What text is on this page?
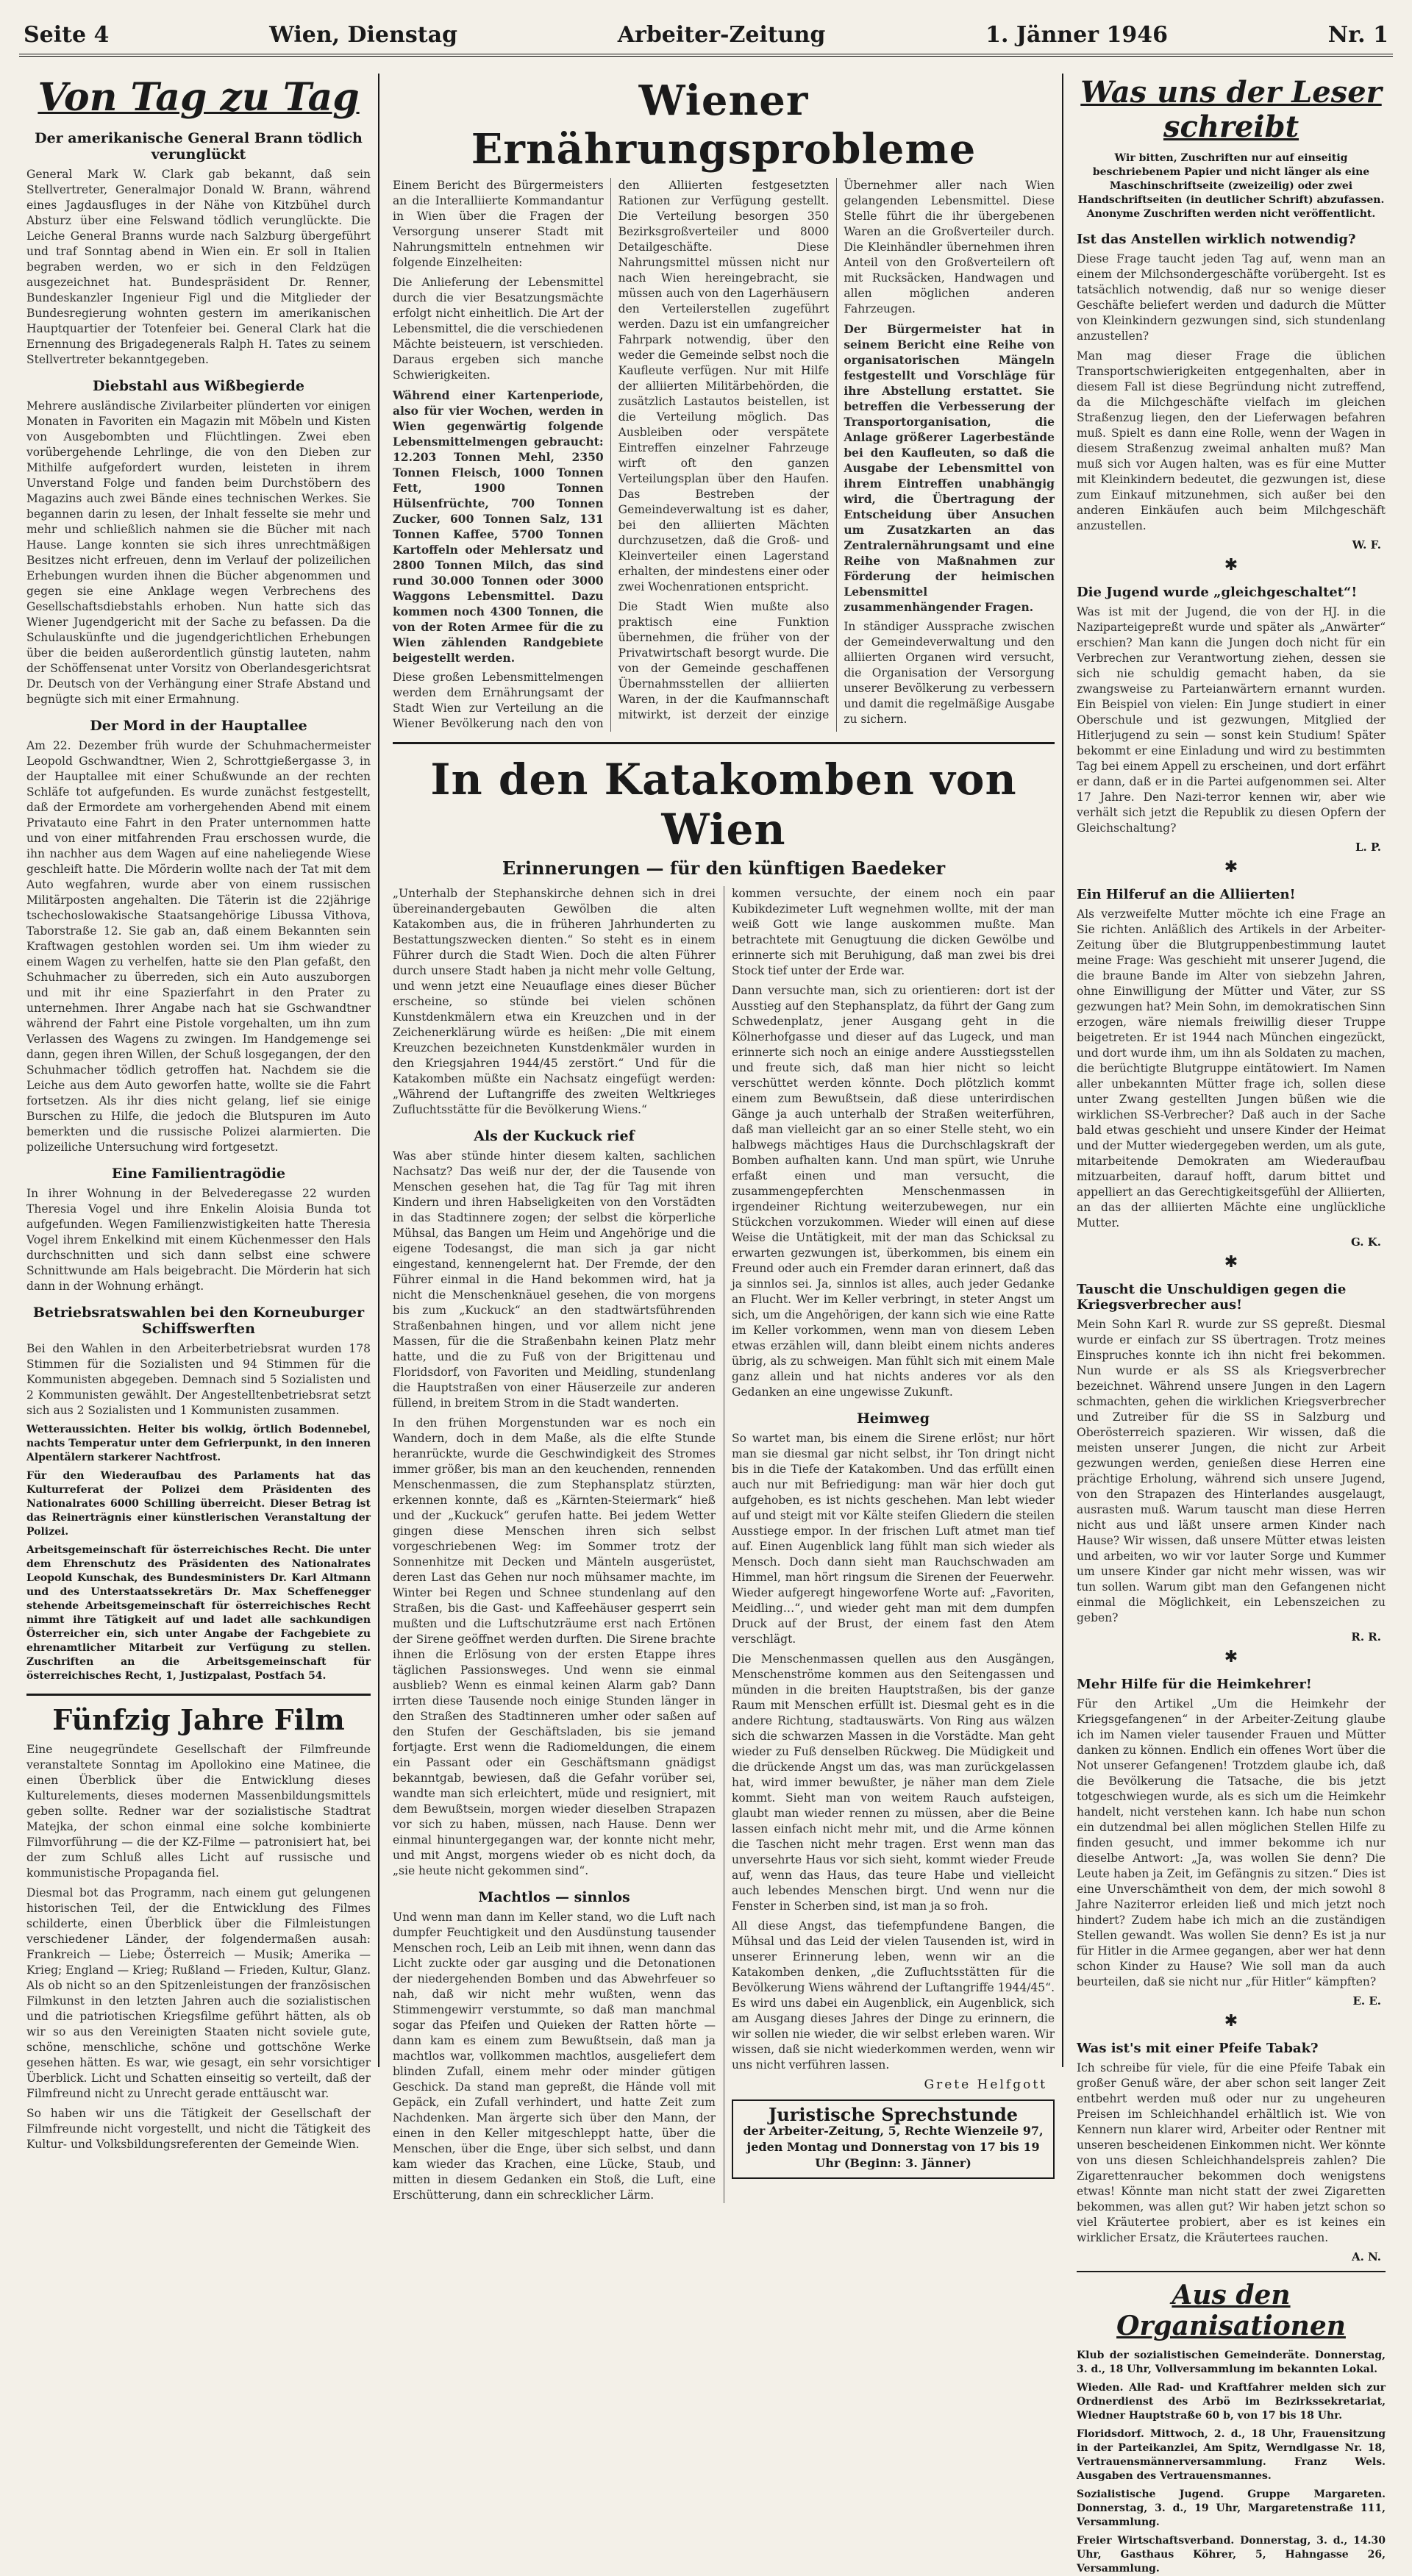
Seite 4	Wien, Dienstag	Arbeiter-Zeitung	1. Jänner 1946	Nr. 1
Von Tag zu Tag
Der amerikanische General Brann tödlich verunglückt

General Mark W. Clark gab bekannt, daß sein Stellvertreter, Generalmajor Donald W. Brann, während eines Jagdausfluges in der Nähe von Kitzbühel durch Absturz über eine Felswand tödlich verunglückte. Die Leiche General Branns wurde nach Salzburg übergeführt und traf Sonntag abend in Wien ein. Er soll in Italien begraben werden, wo er sich in den Feldzügen ausgezeichnet hat. Bundespräsident Dr. Renner, Bundeskanzler Ingenieur Figl und die Mitglieder der Bundesregierung wohnten gestern im amerikanischen Hauptquartier der Totenfeier bei. General Clark hat die Ernennung des Brigadegenerals Ralph H. Tates zu seinem Stellvertreter bekanntgegeben.

Diebstahl aus Wißbegierde

Mehrere ausländische Zivilarbeiter plünderten vor einigen Monaten in Favoriten ein Magazin mit Möbeln und Kisten von Ausgebombten und Flüchtlingen. Zwei eben vorübergehende Lehrlinge, die von den Dieben zur Mithilfe aufgefordert wurden, leisteten in ihrem Unverstand Folge und fanden beim Durchstöbern des Magazins auch zwei Bände eines technischen Werkes. Sie begannen darin zu lesen, der Inhalt fesselte sie mehr und mehr und schließlich nahmen sie die Bücher mit nach Hause. Lange konnten sie sich ihres unrechtmäßigen Besitzes nicht erfreuen, denn im Verlauf der polizeilichen Erhebungen wurden ihnen die Bücher abgenommen und gegen sie eine Anklage wegen Verbrechens des Gesellschaftsdiebstahls erhoben. Nun hatte sich das Wiener Jugendgericht mit der Sache zu befassen. Da die Schulauskünfte und die jugendgerichtlichen Erhebungen über die beiden außerordentlich günstig lauteten, nahm der Schöffensenat unter Vorsitz von Oberlandesgerichtsrat Dr. Deutsch von der Verhängung einer Strafe Abstand und begnügte sich mit einer Ermahnung.

Der Mord in der Hauptallee

Am 22. Dezember früh wurde der Schuhmachermeister Leopold Gschwandtner, Wien 2, Schrottgießergasse 3, in der Hauptallee mit einer Schußwunde an der rechten Schläfe tot aufgefunden. Es wurde zunächst festgestellt, daß der Ermordete am vorhergehenden Abend mit einem Privatauto eine Fahrt in den Prater unternommen hatte und von einer mitfahrenden Frau erschossen wurde, die ihn nachher aus dem Wagen auf eine naheliegende Wiese geschleift hatte. Die Mörderin wollte nach der Tat mit dem Auto wegfahren, wurde aber von einem russischen Militärposten angehalten. Die Täterin ist die 22jährige tschechoslowakische Staatsangehörige Libussa Vithova, Taborstraße 12. Sie gab an, daß einem Bekannten sein Kraftwagen gestohlen worden sei. Um ihm wieder zu einem Wagen zu verhelfen, hatte sie den Plan gefaßt, den Schuhmacher zu überreden, sich ein Auto auszuborgen und mit ihr eine Spazierfahrt in den Prater zu unternehmen. Ihrer Angabe nach hat sie Gschwandtner während der Fahrt eine Pistole vorgehalten, um ihn zum Verlassen des Wagens zu zwingen. Im Handgemenge sei dann, gegen ihren Willen, der Schuß losgegangen, der den Schuhmacher tödlich getroffen hat. Nachdem sie die Leiche aus dem Auto geworfen hatte, wollte sie die Fahrt fortsetzen. Als ihr dies nicht gelang, lief sie einige Burschen zu Hilfe, die jedoch die Blutspuren im Auto bemerkten und die russische Polizei alarmierten. Die polizeiliche Untersuchung wird fortgesetzt.

Eine Familientragödie

In ihrer Wohnung in der Belvederegasse 22 wurden Theresia Vogel und ihre Enkelin Aloisia Bunda tot aufgefunden. Wegen Familienzwistigkeiten hatte Theresia Vogel ihrem Enkelkind mit einem Küchenmesser den Hals durchschnitten und sich dann selbst eine schwere Schnittwunde am Hals beigebracht. Die Mörderin hat sich dann in der Wohnung erhängt.

Betriebsratswahlen bei den Korneuburger Schiffswerften

Bei den Wahlen in den Arbeiterbetriebsrat wurden 178 Stimmen für die Sozialisten und 94 Stimmen für die Kommunisten abgegeben. Demnach sind 5 Sozialisten und 2 Kommunisten gewählt. Der Angestelltenbetriebsrat setzt sich aus 2 Sozialisten und 1 Kommunisten zusammen.

Wetteraussichten. Heiter bis wolkig, örtlich Bodennebel, nachts Temperatur unter dem Gefrierpunkt, in den inneren Alpentälern starkerer Nachtfrost.

Für den Wiederaufbau des Parlaments hat das Kulturreferat der Polizei dem Präsidenten des Nationalrates 6000 Schilling überreicht. Dieser Betrag ist das Reinerträgnis einer künstlerischen Veranstaltung der Polizei.

Arbeitsgemeinschaft für österreichisches Recht. Die unter dem Ehrenschutz des Präsidenten des Nationalrates Leopold Kunschak, des Bundesministers Dr. Karl Altmann und des Unterstaatssekretärs Dr. Max Scheffenegger stehende Arbeitsgemeinschaft für österreichisches Recht nimmt ihre Tätigkeit auf und ladet alle sachkundigen Österreicher ein, sich unter Angabe der Fachgebiete zu ehrenamtlicher Mitarbeit zur Verfügung zu stellen. Zuschriften an die Arbeitsgemeinschaft für österreichisches Recht, 1, Justizpalast, Postfach 54.

Fünfzig Jahre Film

Eine neugegründete Gesellschaft der Filmfreunde veranstaltete Sonntag im Apollokino eine Matinee, die einen Überblick über die Entwicklung dieses Kulturelements, dieses modernen Massenbildungsmittels geben sollte. Redner war der sozialistische Stadtrat Matejka, der schon einmal eine solche kombinierte Filmvorführung — die der KZ-Filme — patronisiert hat, bei der zum Schluß alles Licht auf russische und kommunistische Propaganda fiel.

Diesmal bot das Programm, nach einem gut gelungenen historischen Teil, der die Entwicklung des Filmes schilderte, einen Überblick über die Filmleistungen verschiedener Länder, der folgendermaßen ausah: Frankreich — Liebe; Österreich — Musik; Amerika — Krieg; England — Krieg; Rußland — Frieden, Kultur, Glanz. Als ob nicht so an den Spitzenleistungen der französischen Filmkunst in den letzten Jahren auch die sozialistischen und die patriotischen Kriegsfilme geführt hätten, als ob wir so aus den Vereinigten Staaten nicht soviele gute, schöne, menschliche, schöne und gottschöne Werke gesehen hätten. Es war, wie gesagt, ein sehr vorsichtiger Überblick. Licht und Schatten einseitig so verteilt, daß der Filmfreund nicht zu Unrecht gerade enttäuscht war.

So haben wir uns die Tätigkeit der Gesellschaft der Filmfreunde nicht vorgestellt, und nicht die Tätigkeit des Kultur- und Volksbildungsreferenten der Gemeinde Wien.

Wiener Ernährungsprobleme

Einem Bericht des Bürgermeisters an die Interalliierte Kommandantur in Wien über die Fragen der Versorgung unserer Stadt mit Nahrungsmitteln entnehmen wir folgende Einzelheiten:

Die Anlieferung der Lebensmittel durch die vier Besatzungsmächte erfolgt nicht einheitlich. Die Art der Lebensmittel, die die verschiedenen Mächte beisteuern, ist verschieden. Daraus ergeben sich manche Schwierigkeiten.

Während einer Kartenperiode, also für vier Wochen, werden in Wien gegenwärtig folgende Lebensmittelmengen gebraucht: 12.203 Tonnen Mehl, 2350 Tonnen Fleisch, 1000 Tonnen Fett, 1900 Tonnen Hülsenfrüchte, 700 Tonnen Zucker, 600 Tonnen Salz, 131 Tonnen Kaffee, 5700 Tonnen Kartoffeln oder Mehlersatz und 2800 Tonnen Milch, das sind rund 30.000 Tonnen oder 3000 Waggons Lebensmittel. Dazu kommen noch 4300 Tonnen, die von der Roten Armee für die zu Wien zählenden Randgebiete beigestellt werden.

Diese großen Lebensmittelmengen werden dem Ernährungsamt der Stadt Wien zur Verteilung an die Wiener Bevölkerung nach den von den Alliierten festgesetzten Rationen zur Verfügung gestellt. Die Verteilung besorgen 350 Bezirksgroßverteiler und 8000 Detailgeschäfte. Diese Nahrungsmittel müssen nicht nur nach Wien hereingebracht, sie müssen auch von den Lagerhäusern den Verteilerstellen zugeführt werden. Dazu ist ein umfangreicher Fahrpark notwendig, über den weder die Gemeinde selbst noch die Kaufleute verfügen. Nur mit Hilfe der alliierten Militärbehörden, die zusätzlich Lastautos beistellen, ist die Verteilung möglich. Das Ausbleiben oder verspätete Eintreffen einzelner Fahrzeuge wirft oft den ganzen Verteilungsplan über den Haufen. Das Bestreben der Gemeindeverwaltung ist es daher, bei den alliierten Mächten durchzusetzen, daß die Groß- und Kleinverteiler einen Lagerstand erhalten, der mindestens einer oder zwei Wochenrationen entspricht.

Die Stadt Wien mußte also praktisch eine Funktion übernehmen, die früher von der Privatwirtschaft besorgt wurde. Die von der Gemeinde geschaffenen Übernahmsstellen der alliierten Waren, in der die Kaufmannschaft mitwirkt, ist derzeit der einzige Übernehmer aller nach Wien gelangenden Lebensmittel. Diese Stelle führt die ihr übergebenen Waren an die Großverteiler durch. Die Kleinhändler übernehmen ihren Anteil von den Großverteilern oft mit Rucksäcken, Handwagen und allen möglichen anderen Fahrzeugen.

Der Bürgermeister hat in seinem Bericht eine Reihe von organisatorischen Mängeln festgestellt und Vorschläge für ihre Abstellung erstattet. Sie betreffen die Verbesserung der Transportorganisation, die Anlage größerer Lagerbestände bei den Kaufleuten, so daß die Ausgabe der Lebensmittel von ihrem Eintreffen unabhängig wird, die Übertragung der Entscheidung über Ansuchen um Zusatzkarten an das Zentralernährungsamt und eine Reihe von Maßnahmen zur Förderung der heimischen Lebensmittel zusammenhängender Fragen.

In ständiger Aussprache zwischen der Gemeindeverwaltung und den alliierten Organen wird versucht, die Organisation der Versorgung unserer Bevölkerung zu verbessern und damit die regelmäßige Ausgabe zu sichern.

In den Katakomben von Wien
Erinnerungen — für den künftigen Baedeker

„Unterhalb der Stephanskirche dehnen sich in drei übereinandergebauten Gewölben die alten Katakomben aus, die in früheren Jahrhunderten zu Bestattungszwecken dienten.“ So steht es in einem Führer durch die Stadt Wien. Doch die alten Führer durch unsere Stadt haben ja nicht mehr volle Geltung, und wenn jetzt eine Neuauflage eines dieser Bücher erscheine, so stünde bei vielen schönen Kunstdenkmälern etwa ein Kreuzchen und in der Zeichenerklärung würde es heißen: „Die mit einem Kreuzchen bezeichneten Kunstdenkmäler wurden in den Kriegsjahren 1944/45 zerstört.“ Und für die Katakomben müßte ein Nachsatz eingefügt werden: „Während der Luftangriffe des zweiten Weltkrieges Zufluchtsstätte für die Bevölkerung Wiens.“

Als der Kuckuck rief

Was aber stünde hinter diesem kalten, sachlichen Nachsatz? Das weiß nur der, der die Tausende von Menschen gesehen hat, die Tag für Tag mit ihren Kindern und ihren Habseligkeiten von den Vorstädten in das Stadtinnere zogen; der selbst die körperliche Mühsal, das Bangen um Heim und Angehörige und die eigene Todesangst, die man sich ja gar nicht eingestand, kennengelernt hat. Der Fremde, der den Führer einmal in die Hand bekommen wird, hat ja nicht die Menschenknäuel gesehen, die von morgens bis zum „Kuckuck“ an den stadtwärtsführenden Straßenbahnen hingen, und vor allem nicht jene Massen, für die die Straßenbahn keinen Platz mehr hatte, und die zu Fuß von der Brigittenau und Floridsdorf, von Favoriten und Meidling, stundenlang die Hauptstraßen von einer Häuserzeile zur anderen füllend, in breitem Strom in die Stadt wanderten.

In den frühen Morgenstunden war es noch ein Wandern, doch in dem Maße, als die elfte Stunde heranrückte, wurde die Geschwindigkeit des Stromes immer größer, bis man an den keuchenden, rennenden Menschenmassen, die zum Stephansplatz stürzten, erkennen konnte, daß es „Kärnten-Steiermark“ hieß und der „Kuckuck“ gerufen hatte. Bei jedem Wetter gingen diese Menschen ihren sich selbst vorgeschriebenen Weg: im Sommer trotz der Sonnenhitze mit Decken und Mänteln ausgerüstet, deren Last das Gehen nur noch mühsamer machte, im Winter bei Regen und Schnee stundenlang auf den Straßen, bis die Gast- und Kaffeehäuser gesperrt sein mußten und die Luftschutzräume erst nach Ertönen der Sirene geöffnet werden durften. Die Sirene brachte ihnen die Erlösung von der ersten Etappe ihres täglichen Passionsweges. Und wenn sie einmal ausblieb? Wenn es einmal keinen Alarm gab? Dann irrten diese Tausende noch einige Stunden länger in den Straßen des Stadtinneren umher oder saßen auf den Stufen der Geschäftsladen, bis sie jemand fortjagte. Erst wenn die Radiomeldungen, die einem ein Passant oder ein Geschäftsmann gnädigst bekanntgab, bewiesen, daß die Gefahr vorüber sei, wandte man sich erleichtert, müde und resigniert, mit dem Bewußtsein, morgen wieder dieselben Strapazen vor sich zu haben, müssen, nach Hause. Denn wer einmal hinuntergegangen war, der konnte nicht mehr, und mit Angst, morgens wieder ob es nicht doch, da „sie heute nicht gekommen sind“.

Machtlos — sinnlos

Und wenn man dann im Keller stand, wo die Luft nach dumpfer Feuchtigkeit und den Ausdünstung tausender Menschen roch, Leib an Leib mit ihnen, wenn dann das Licht zuckte oder gar ausging und die Detonationen der niedergehenden Bomben und das Abwehrfeuer so nah, daß wir nicht mehr wußten, wenn das Stimmengewirr verstummte, so daß man manchmal sogar das Pfeifen und Quieken der Ratten hörte — dann kam es einem zum Bewußtsein, daß man ja machtlos war, vollkommen machtlos, ausgeliefert dem blinden Zufall, einem mehr oder minder gütigen Geschick. Da stand man gepreßt, die Hände voll mit Gepäck, ein Zufall verhindert, und hatte Zeit zum Nachdenken. Man ärgerte sich über den Mann, der einen in den Keller mitgeschleppt hatte, über die Menschen, über die Enge, über sich selbst, und dann kam wieder das Krachen, eine Lücke, Staub, und mitten in diesem Gedanken ein Stoß, die Luft, eine Erschütterung, dann ein schrecklicher Lärm.

kommen versuchte, der einem noch ein paar Kubikdezimeter Luft wegnehmen wollte, mit der man weiß Gott wie lange auskommen mußte. Man betrachtete mit Genugtuung die dicken Gewölbe und erinnerte sich mit Beruhigung, daß man zwei bis drei Stock tief unter der Erde war.

Dann versuchte man, sich zu orientieren: dort ist der Ausstieg auf den Stephansplatz, da führt der Gang zum Schwedenplatz, jener Ausgang geht in die Kölnerhofgasse und dieser auf das Lugeck, und man erinnerte sich noch an einige andere Ausstiegsstellen und freute sich, daß man hier nicht so leicht verschüttet werden könnte. Doch plötzlich kommt einem zum Bewußtsein, daß diese unterirdischen Gänge ja auch unterhalb der Straßen weiterführen, daß man vielleicht gar an so einer Stelle steht, wo ein halbwegs mächtiges Haus die Durchschlagskraft der Bomben aufhalten kann. Und man spürt, wie Unruhe erfaßt einen und man versucht, die zusammengepferchten Menschenmassen in irgendeiner Richtung weiterzubewegen, nur ein Stückchen vorzukommen. Wieder will einen auf diese Weise die Untätigkeit, mit der man das Schicksal zu erwarten gezwungen ist, überkommen, bis einem ein Freund oder auch ein Fremder daran erinnert, daß das ja sinnlos sei. Ja, sinnlos ist alles, auch jeder Gedanke an Flucht. Wer im Keller verbringt, in steter Angst um sich, um die Angehörigen, der kann sich wie eine Ratte im Keller vorkommen, wenn man von diesem Leben etwas erzählen will, dann bleibt einem nichts anderes übrig, als zu schweigen. Man fühlt sich mit einem Male ganz allein und hat nichts anderes vor als den Gedanken an eine ungewisse Zukunft.

Heimweg

So wartet man, bis einem die Sirene erlöst; nur hört man sie diesmal gar nicht selbst, ihr Ton dringt nicht bis in die Tiefe der Katakomben. Und das erfüllt einen auch nur mit Befriedigung: man wär hier doch gut aufgehoben, es ist nichts geschehen. Man lebt wieder auf und steigt mit vor Kälte steifen Gliedern die steilen Ausstiege empor. In der frischen Luft atmet man tief auf. Einen Augenblick lang fühlt man sich wieder als Mensch. Doch dann sieht man Rauchschwaden am Himmel, man hört ringsum die Sirenen der Feuerwehr. Wieder aufgeregt hingeworfene Worte auf: „Favoriten, Meidling…“, und wieder geht man mit dem dumpfen Druck auf der Brust, der einem fast den Atem verschlägt.

Die Menschenmassen quellen aus den Ausgängen, Menschenströme kommen aus den Seitengassen und münden in die breiten Hauptstraßen, bis der ganze Raum mit Menschen erfüllt ist. Diesmal geht es in die andere Richtung, stadtauswärts. Von Ring aus wälzen sich die schwarzen Massen in die Vorstädte. Man geht wieder zu Fuß denselben Rückweg. Die Müdigkeit und die drückende Angst um das, was man zurückgelassen hat, wird immer bewußter, je näher man dem Ziele kommt. Sieht man von weitem Rauch aufsteigen, glaubt man wieder rennen zu müssen, aber die Beine lassen einfach nicht mehr mit, und die Arme können die Taschen nicht mehr tragen. Erst wenn man das unversehrte Haus vor sich sieht, kommt wieder Freude auf, wenn das Haus, das teure Habe und vielleicht auch lebendes Menschen birgt. Und wenn nur die Fenster in Scherben sind, ist man ja so froh.

All diese Angst, das tiefempfundene Bangen, die Mühsal und das Leid der vielen Tausenden ist, wird in unserer Erinnerung leben, wenn wir an die Katakomben denken, „die Zufluchtsstätten für die Bevölkerung Wiens während der Luftangriffe 1944/45“. Es wird uns dabei ein Augenblick, ein Augenblick, sich am Ausgang dieses Jahres der Dinge zu erinnern, die wir sollen nie wieder, die wir selbst erleben waren. Wir wissen, daß sie nicht wiederkommen werden, wenn wir uns nicht verführen lassen.

Grete Helfgott
Juristische Sprechstunde
der Arbeiter-Zeitung, 5, Rechte Wienzeile 97, jeden Montag und Donnerstag von 17 bis 19 Uhr (Beginn: 3. Jänner)
Was uns der Leser schreibt

Wir bitten, Zuschriften nur auf einseitig beschriebenem Papier und nicht länger als eine Maschinschriftseite (zweizeilig) oder zwei Handschriftseiten (in deutlicher Schrift) abzufassen. Anonyme Zuschriften werden nicht veröffentlicht.

Ist das Anstellen wirklich notwendig?

Diese Frage taucht jeden Tag auf, wenn man an einem der Milchsondergeschäfte vorübergeht. Ist es tatsächlich notwendig, daß nur so wenige dieser Geschäfte beliefert werden und dadurch die Mütter von Kleinkindern gezwungen sind, sich stundenlang anzustellen?

Man mag dieser Frage die üblichen Transportschwierigkeiten entgegenhalten, aber in diesem Fall ist diese Begründung nicht zutreffend, da die Milchgeschäfte vielfach im gleichen Straßenzug liegen, den der Lieferwagen befahren muß. Spielt es dann eine Rolle, wenn der Wagen in diesem Straßenzug zweimal anhalten muß? Man muß sich vor Augen halten, was es für eine Mutter mit Kleinkindern bedeutet, die gezwungen ist, diese zum Einkauf mitzunehmen, sich außer bei den anderen Einkäufen auch beim Milchgeschäft anzustellen.

W. F.
✱
Die Jugend wurde „gleichgeschaltet“!

Was ist mit der Jugend, die von der HJ. in die Naziparteigepreßt wurde und später als „Anwärter“ erschien? Man kann die Jungen doch nicht für ein Verbrechen zur Verantwortung ziehen, dessen sie sich nie schuldig gemacht haben, da sie zwangsweise zu Parteianwärtern ernannt wurden. Ein Beispiel von vielen: Ein Junge studiert in einer Oberschule und ist gezwungen, Mitglied der Hitlerjugend zu sein — sonst kein Studium! Später bekommt er eine Einladung und wird zu bestimmten Tag bei einem Appell zu erscheinen, und dort erfährt er dann, daß er in die Partei aufgenommen sei. Alter 17 Jahre. Den Nazi-terror kennen wir, aber wie verhält sich jetzt die Republik zu diesen Opfern der Gleichschaltung?

L. P.
✱
Ein Hilferuf an die Alliierten!

Als verzweifelte Mutter möchte ich eine Frage an Sie richten. Anläßlich des Artikels in der Arbeiter-Zeitung über die Blutgruppenbestimmung lautet meine Frage: Was geschieht mit unserer Jugend, die die braune Bande im Alter von siebzehn Jahren, ohne Einwilligung der Mütter und Väter, zur SS gezwungen hat? Mein Sohn, im demokratischen Sinn erzogen, wäre niemals freiwillig dieser Truppe beigetreten. Er ist 1944 nach München eingezückt, und dort wurde ihm, um ihn als Soldaten zu machen, die berüchtigte Blutgruppe eintätowiert. Im Namen aller unbekannten Mütter frage ich, sollen diese unter Zwang gestellten Jungen büßen wie die wirklichen SS-Verbrecher? Daß auch in der Sache bald etwas geschieht und unsere Kinder der Heimat und der Mutter wiedergegeben werden, um als gute, mitarbeitende Demokraten am Wiederaufbau mitzuarbeiten, darauf hofft, darum bittet und appelliert an das Gerechtigkeitsgefühl der Alliierten, an das der alliierten Mächte eine unglückliche Mutter.

G. K.
✱
Tauscht die Unschuldigen gegen die Kriegsverbrecher aus!

Mein Sohn Karl R. wurde zur SS gepreßt. Diesmal wurde er einfach zur SS übertragen. Trotz meines Einspruches konnte ich ihn nicht frei bekommen. Nun wurde er als SS als Kriegsverbrecher bezeichnet. Während unsere Jungen in den Lagern schmachten, gehen die wirklichen Kriegsverbrecher und Zutreiber für die SS in Salzburg und Oberösterreich spazieren. Wir wissen, daß die meisten unserer Jungen, die nicht zur Arbeit gezwungen werden, genießen diese Herren eine prächtige Erholung, während sich unsere Jugend, von den Strapazen des Hinterlandes ausgelaugt, ausrasten muß. Warum tauscht man diese Herren nicht aus und läßt unsere armen Kinder nach Hause? Wir wissen, daß unsere Mütter etwas leisten und arbeiten, wo wir vor lauter Sorge und Kummer um unsere Kinder gar nicht mehr wissen, was wir tun sollen. Warum gibt man den Gefangenen nicht einmal die Möglichkeit, ein Lebenszeichen zu geben?

R. R.
✱
Mehr Hilfe für die Heimkehrer!

Für den Artikel „Um die Heimkehr der Kriegsgefangenen“ in der Arbeiter-Zeitung glaube ich im Namen vieler tausender Frauen und Mütter danken zu können. Endlich ein offenes Wort über die Not unserer Gefangenen! Trotzdem glaube ich, daß die Bevölkerung die Tatsache, die bis jetzt totgeschwiegen wurde, als es sich um die Heimkehr handelt, nicht verstehen kann. Ich habe nun schon ein dutzendmal bei allen möglichen Stellen Hilfe zu finden gesucht, und immer bekomme ich nur dieselbe Antwort: „Ja, was wollen Sie denn? Die Leute haben ja Zeit, im Gefängnis zu sitzen.“ Dies ist eine Unverschämtheit von dem, der mich sowohl 8 Jahre Naziterror erleiden ließ und mich jetzt noch hindert? Zudem habe ich mich an die zuständigen Stellen gewandt. Was wollen Sie denn? Es ist ja nur für Hitler in die Armee gegangen, aber wer hat denn schon Kinder zu Hause? Wie soll man da auch beurteilen, daß sie nicht nur „für Hitler“ kämpften?

E. E.
✱
Was ist's mit einer Pfeife Tabak?

Ich schreibe für viele, für die eine Pfeife Tabak ein großer Genuß wäre, der aber schon seit langer Zeit entbehrt werden muß oder nur zu ungeheuren Preisen im Schleichhandel erhältlich ist. Wie von Kennern nun klarer wird, Arbeiter oder Rentner mit unseren bescheidenen Einkommen nicht. Wer könnte von uns diesen Schleichhandelspreis zahlen? Die Zigarettenraucher bekommen doch wenigstens etwas! Könnte man nicht statt der zwei Zigaretten bekommen, was allen gut? Wir haben jetzt schon so viel Kräutertee probiert, aber es ist keines ein wirklicher Ersatz, die Kräutertees rauchen.

A. N.
Aus den Organisationen

Klub der sozialistischen Gemeinderäte. Donnerstag, 3. d., 18 Uhr, Vollversammlung im bekannten Lokal.

Wieden. Alle Rad- und Kraftfahrer melden sich zur Ordnerdienst des Arbö im Bezirkssekretariat, Wiedner Hauptstraße 60 b, von 17 bis 18 Uhr.

Floridsdorf. Mittwoch, 2. d., 18 Uhr, Frauensitzung in der Parteikanzlei, Am Spitz, Werndlgasse Nr. 18, Vertrauensmännerversammlung. Franz Wels. Ausgaben des Vertrauensmannes.

Sozialistische Jugend. Gruppe Margareten. Donnerstag, 3. d., 19 Uhr, Margaretenstraße 111, Versammlung.

Freier Wirtschaftsverband. Donnerstag, 3. d., 14.30 Uhr, Gasthaus Köhrer, 5, Hahngasse 26, Versammlung.
